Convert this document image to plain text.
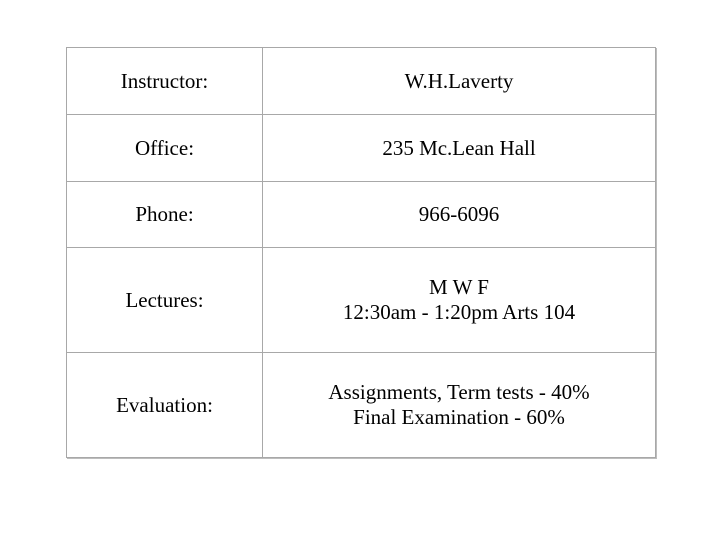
Instructor:	W.H.Laverty

Office:	235 Mc.Lean Hall

Phone:	966-6096

Lectures:	M W F
12:30am - 1:20pm Arts 104

Evaluation:	Assignments, Term tests - 40%
Final Examination - 60%
